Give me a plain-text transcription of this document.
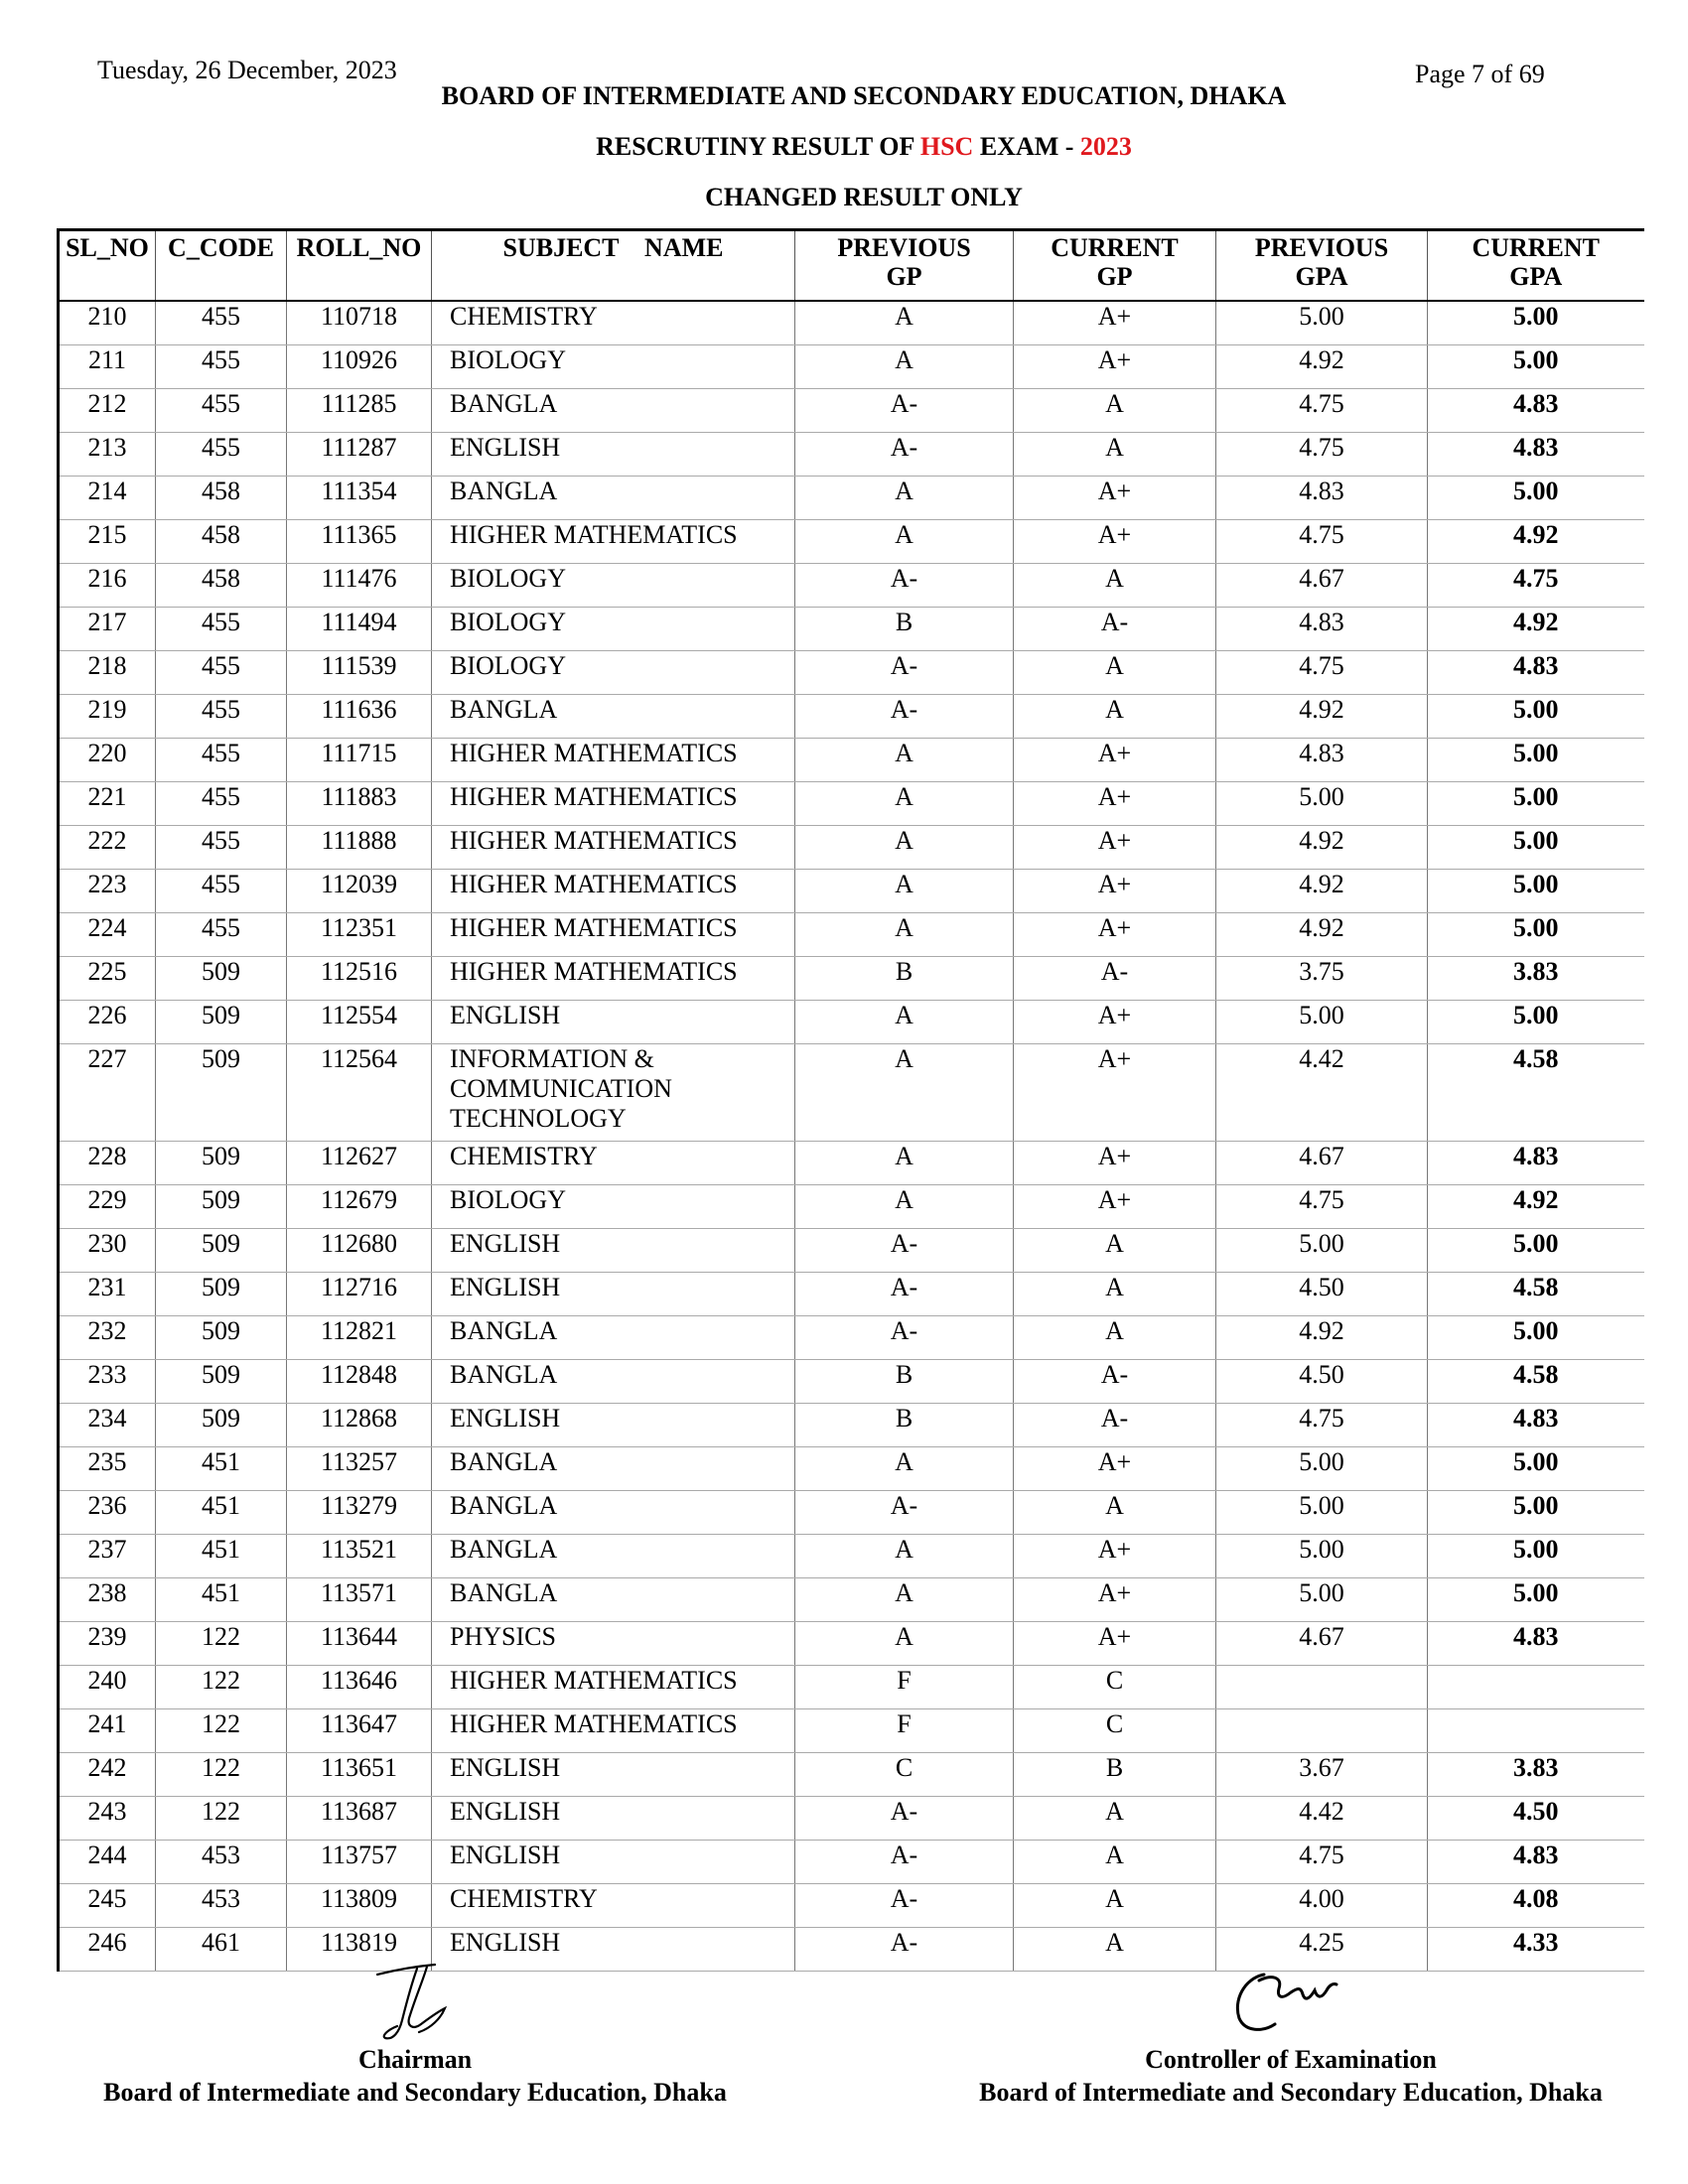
Tuesday, 26 December, 2023	Page 7 of 69
BOARD OF INTERMEDIATE AND SECONDARY EDUCATION, DHAKA
RESCRUTINY RESULT OF HSC EXAM - 2023
CHANGED RESULT ONLY
SL_NO	C_CODE	ROLL_NO	SUBJECT    NAME	PREVIOUS GP	CURRENT GP	PREVIOUS GPA	CURRENT GPA
210	455	110718	CHEMISTRY	A	A+	5.00	5.00
211	455	110926	BIOLOGY	A	A+	4.92	5.00
212	455	111285	BANGLA	A-	A	4.75	4.83
213	455	111287	ENGLISH	A-	A	4.75	4.83
214	458	111354	BANGLA	A	A+	4.83	5.00
215	458	111365	HIGHER MATHEMATICS	A	A+	4.75	4.92
216	458	111476	BIOLOGY	A-	A	4.67	4.75
217	455	111494	BIOLOGY	B	A-	4.83	4.92
218	455	111539	BIOLOGY	A-	A	4.75	4.83
219	455	111636	BANGLA	A-	A	4.92	5.00
220	455	111715	HIGHER MATHEMATICS	A	A+	4.83	5.00
221	455	111883	HIGHER MATHEMATICS	A	A+	5.00	5.00
222	455	111888	HIGHER MATHEMATICS	A	A+	4.92	5.00
223	455	112039	HIGHER MATHEMATICS	A	A+	4.92	5.00
224	455	112351	HIGHER MATHEMATICS	A	A+	4.92	5.00
225	509	112516	HIGHER MATHEMATICS	B	A-	3.75	3.83
226	509	112554	ENGLISH	A	A+	5.00	5.00
227	509	112564	INFORMATION & COMMUNICATION TECHNOLOGY	A	A+	4.42	4.58
228	509	112627	CHEMISTRY	A	A+	4.67	4.83
229	509	112679	BIOLOGY	A	A+	4.75	4.92
230	509	112680	ENGLISH	A-	A	5.00	5.00
231	509	112716	ENGLISH	A-	A	4.50	4.58
232	509	112821	BANGLA	A-	A	4.92	5.00
233	509	112848	BANGLA	B	A-	4.50	4.58
234	509	112868	ENGLISH	B	A-	4.75	4.83
235	451	113257	BANGLA	A	A+	5.00	5.00
236	451	113279	BANGLA	A-	A	5.00	5.00
237	451	113521	BANGLA	A	A+	5.00	5.00
238	451	113571	BANGLA	A	A+	5.00	5.00
239	122	113644	PHYSICS	A	A+	4.67	4.83
240	122	113646	HIGHER MATHEMATICS	F	C		
241	122	113647	HIGHER MATHEMATICS	F	C		
242	122	113651	ENGLISH	C	B	3.67	3.83
243	122	113687	ENGLISH	A-	A	4.42	4.50
244	453	113757	ENGLISH	A-	A	4.75	4.83
245	453	113809	CHEMISTRY	A-	A	4.00	4.08
246	461	113819	ENGLISH	A-	A	4.25	4.33
Chairman
Board of Intermediate and Secondary Education, Dhaka
Controller of Examination
Board of Intermediate and Secondary Education, Dhaka
